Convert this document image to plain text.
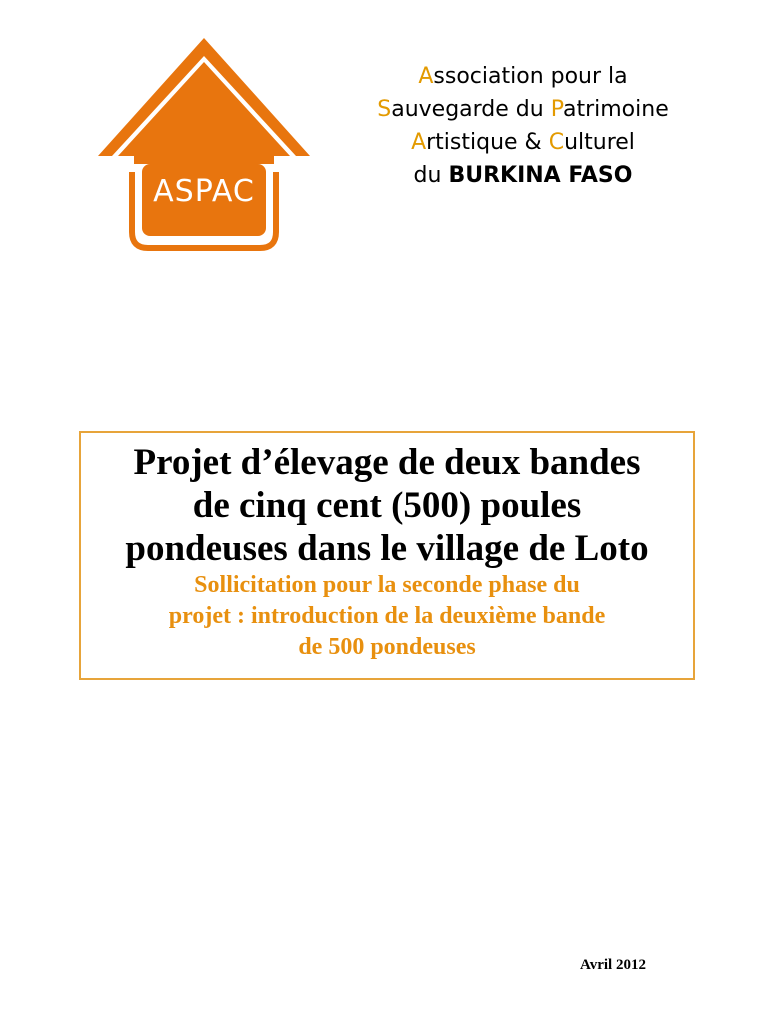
ASPAC
Association pour la
Sauvegarde du Patrimoine
Artistique & Culturel
du BURKINA FASO
Projet d’élevage de deux bandes
de cinq cent (500) poules
pondeuses dans le village de Loto
Sollicitation pour la seconde phase du
projet : introduction de la deuxième bande
de 500 pondeuses
Avril 2012
